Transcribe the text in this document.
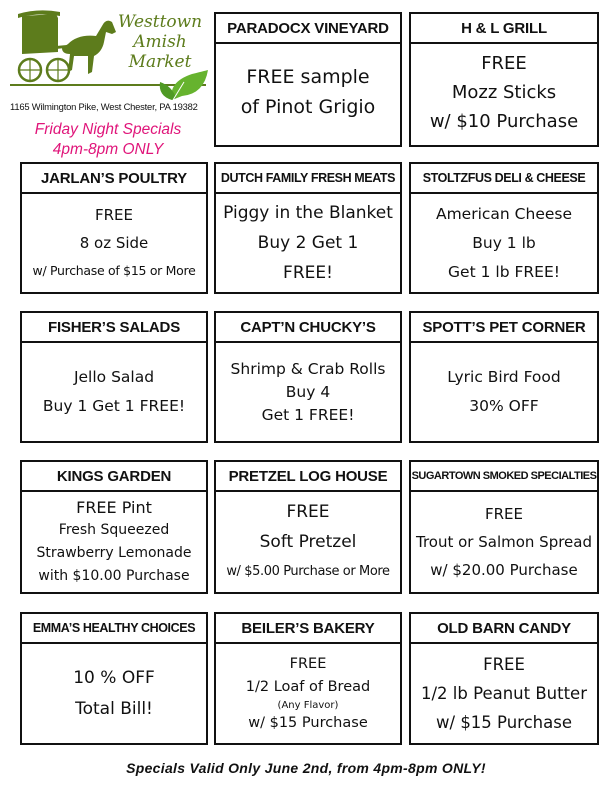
Westtown
Amish
Market
1165 Wilmington Pike, West Chester, PA 19382
Friday Night Specials
4pm-8pm ONLY
PARADOCX VINEYARD
FREE sample
of Pinot Grigio
H & L GRILL
FREE
Mozz Sticks
w/ $10 Purchase
JARLAN’S POULTRY
FREE
8 oz Side
w/ Purchase of $15 or More
DUTCH FAMILY FRESH MEATS
Piggy in the Blanket
Buy 2 Get 1
FREE!
STOLTZFUS DELI & CHEESE
American Cheese
Buy 1 lb
Get 1 lb FREE!
FISHER’S SALADS
Jello Salad
Buy 1 Get 1 FREE!
CAPT’N CHUCKY’S
Shrimp & Crab Rolls
Buy 4
Get 1 FREE!
SPOTT’S PET CORNER
Lyric Bird Food
30% OFF
KINGS GARDEN
FREE Pint
Fresh Squeezed
Strawberry Lemonade
with $10.00 Purchase
PRETZEL LOG HOUSE
FREE
Soft Pretzel
w/ $5.00 Purchase or More
SUGARTOWN SMOKED SPECIALTIES
FREE
Trout or Salmon Spread
w/ $20.00 Purchase
EMMA’S HEALTHY CHOICES
10 % OFF
Total Bill!
BEILER’S BAKERY
FREE
1/2 Loaf of Bread
(Any Flavor)
w/ $15 Purchase
OLD BARN CANDY
FREE
1/2 lb Peanut Butter
w/ $15 Purchase
Specials Valid Only June 2nd, from 4pm-8pm ONLY!
